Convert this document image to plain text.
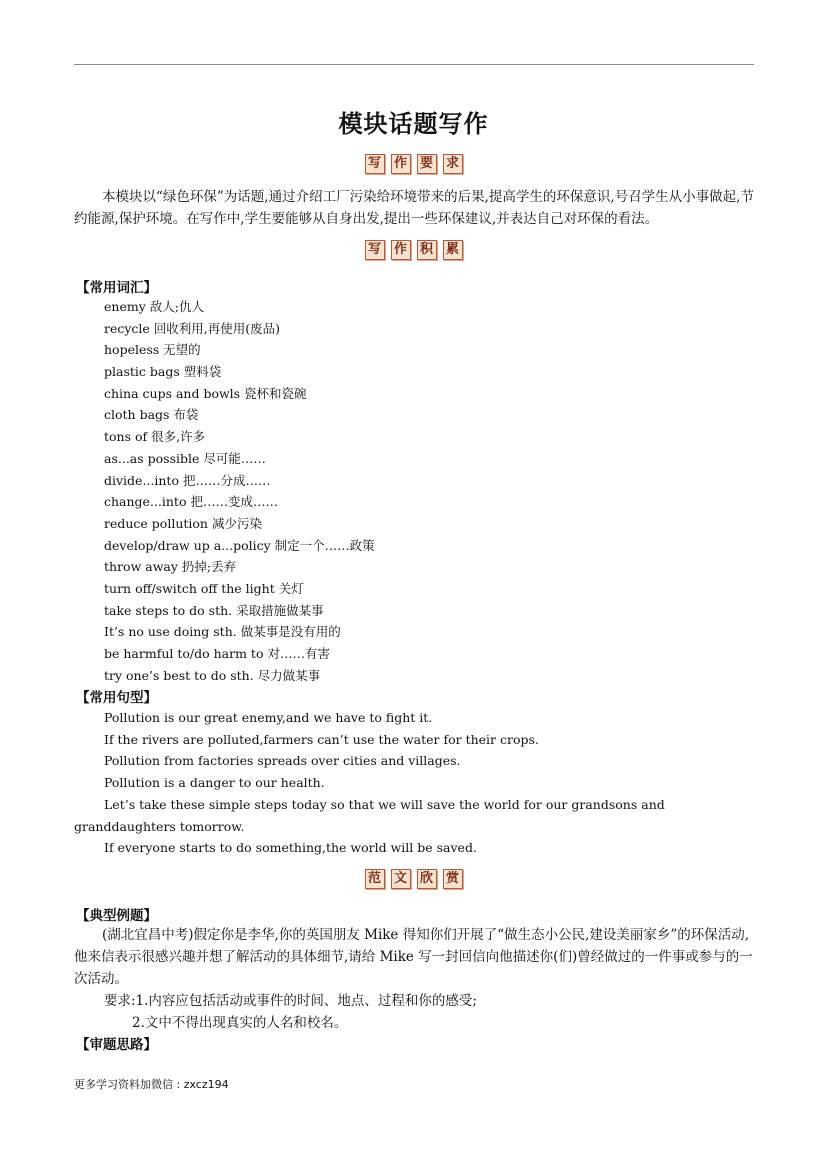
模块话题写作
写 作 要 求

本模块以“绿色环保”为话题,通过介绍工厂污染给环境带来的后果,提高学生的环保意识,号召学生从小事做起,节约能源,保护环境。在写作中,学生要能够从自身出发,提出一些环保建议,并表达自己对环保的看法。

写 作 积 累
【常用词汇】
enemy 敌人;仇人
recycle 回收利用,再使用(废品)
hopeless 无望的
plastic bags 塑料袋
china cups and bowls 瓷杯和瓷碗
cloth bags 布袋
tons of 很多,许多
as...as possible 尽可能……
divide...into 把……分成……
change...into 把……变成……
reduce pollution 减少污染
develop/draw up a...policy 制定一个……政策
throw away 扔掉;丢弃
turn off/switch off the light 关灯
take steps to do sth. 采取措施做某事
It’s no use doing sth. 做某事是没有用的
be harmful to/do harm to 对……有害
try one’s best to do sth. 尽力做某事
【常用句型】
Pollution is our great enemy,and we have to fight it.
If the rivers are polluted,farmers can’t use the water for their crops.
Pollution from factories spreads over cities and villages.
Pollution is a danger to our health.
Let’s take these simple steps today so that we will save the world for our grandsons and granddaughters tomorrow.
If everyone starts to do something,the world will be saved.
范 文 欣 赏
【典型例题】

(湖北宜昌中考)假定你是李华,你的英国朋友 Mike 得知你们开展了“做生态小公民,建设美丽家乡”的环保活动,他来信表示很感兴趣并想了解活动的具体细节,请给 Mike 写一封回信向他描述你(们)曾经做过的一件事或参与的一次活动。

要求:1.内容应包括活动或事件的时间、地点、过程和你的感受;
2.文中不得出现真实的人名和校名。
【审题思路】
更多学习资料加微信 : zxcz194
